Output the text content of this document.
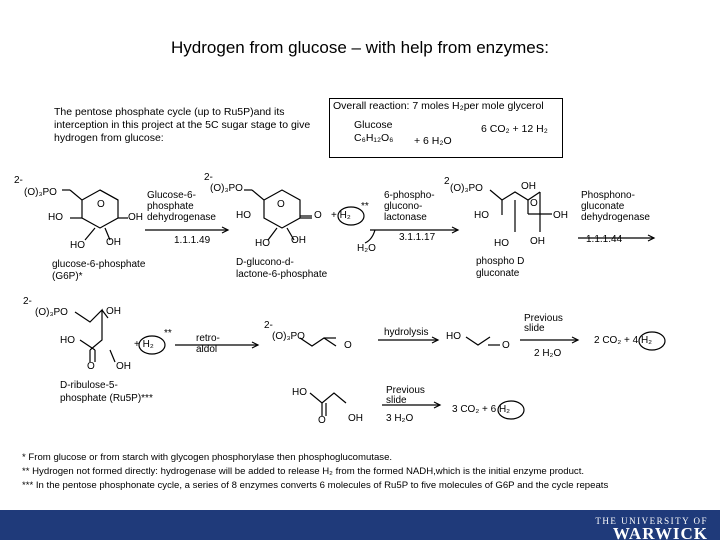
Hydrogen from glucose – with help from enzymes:
The pentose phosphate cycle (up to Ru5P)and its interception in this project at the 5C sugar stage to give hydrogen from glucose:
Overall reaction: 7 moles H₂per mole glycerol
Glucose
C₆H₁₂O₆ + 6 H₂O
6 CO₂ + 12 H₂
2-
(O)₃PO
HO
O
OH
HO OH
glucose-6-phosphate
(G6P)*
Glucose-6-
phosphate
dehydrogenase
1.1.1.49
2-
(O)₃PO
HO
O
O
HO OH
+ H₂
**
D-glucono-d-
lactone-6-phosphate
6-phospho-
glucono-
lactonase
3.1.1.17
H₂O
2
(O)₃PO	OH
HO
O
OH
HO OH
phospho D
gluconate
Phosphono-
gluconate
dehydrogenase
1.1.1.44
2-
(O)₃PO	OH
HO
O OH
+ H₂
**
D-ribulose-5-
phosphate (Ru5P)***
retro-
aldol
2-
(O)₃PO
O
hydrolysis HO
O
Previous
slide
2 H₂O
2 CO₂ + 4 H₂
HO
O OH
Previous
slide
3 H₂O
3 CO₂ + 6 H₂
* From glucose or from starch with glycogen phosphorylase then phosphoglucomutase.
** Hydrogen not formed directly: hydrogenase will be added to release H₂ from the formed NADH,which is the initial enzyme product.
*** In the pentose phosphonate cycle, a series of 8 enzymes converts 6 molecules of Ru5P to five molecules of G6P and the cycle repeats
THE UNIVERSITY OF
WARWICK
